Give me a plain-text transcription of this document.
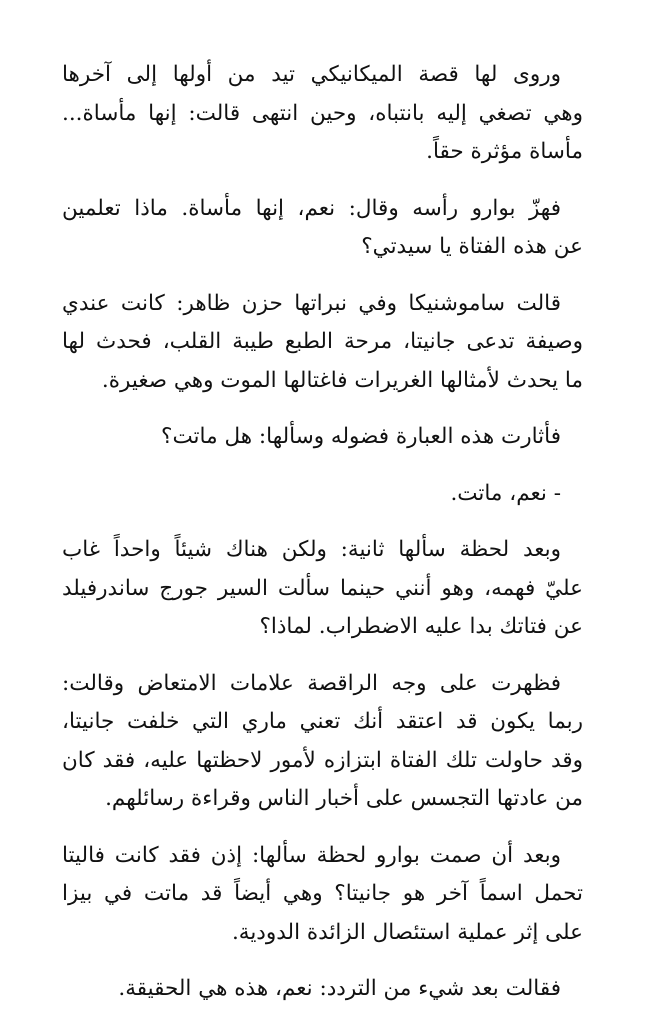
وروى لها قصة الميكانيكي تيد من أولها إلى آخرها
وهي تصغي إليه بانتباه، وحين انتهى قالت: إنها مأساة...
مأساة مؤثرة حقاً.

فهزّ بوارو رأسه وقال: نعم، إنها مأساة. ماذا تعلمين
عن هذه الفتاة يا سيدتي؟

قالت ساموشنيكا وفي نبراتها حزن ظاهر: كانت عندي
وصيفة تدعى جانيتا، مرحة الطبع طيبة القلب، فحدث لها
ما يحدث لأمثالها الغريرات فاغتالها الموت وهي صغيرة.

فأثارت هذه العبارة فضوله وسألها: هل ماتت؟

- نعم، ماتت.

وبعد لحظة سألها ثانية: ولكن هناك شيئاً واحداً غاب
عليّ فهمه، وهو أنني حينما سألت السير جورج ساندرفيلد
عن فتاتك بدا عليه الاضطراب. لماذا؟

فظهرت على وجه الراقصة علامات الامتعاض وقالت:
ربما يكون قد اعتقد أنك تعني ماري التي خلفت جانيتا،
وقد حاولت تلك الفتاة ابتزازه لأمور لاحظتها عليه، فقد كان
من عادتها التجسس على أخبار الناس وقراءة رسائلهم.

وبعد أن صمت بوارو لحظة سألها: إذن فقد كانت فاليتا
تحمل اسماً آخر هو جانيتا؟ وهي أيضاً قد ماتت في بيزا
على إثر عملية استئصال الزائدة الدودية.

فقالت بعد شيء من التردد: نعم، هذه هي الحقيقة.
